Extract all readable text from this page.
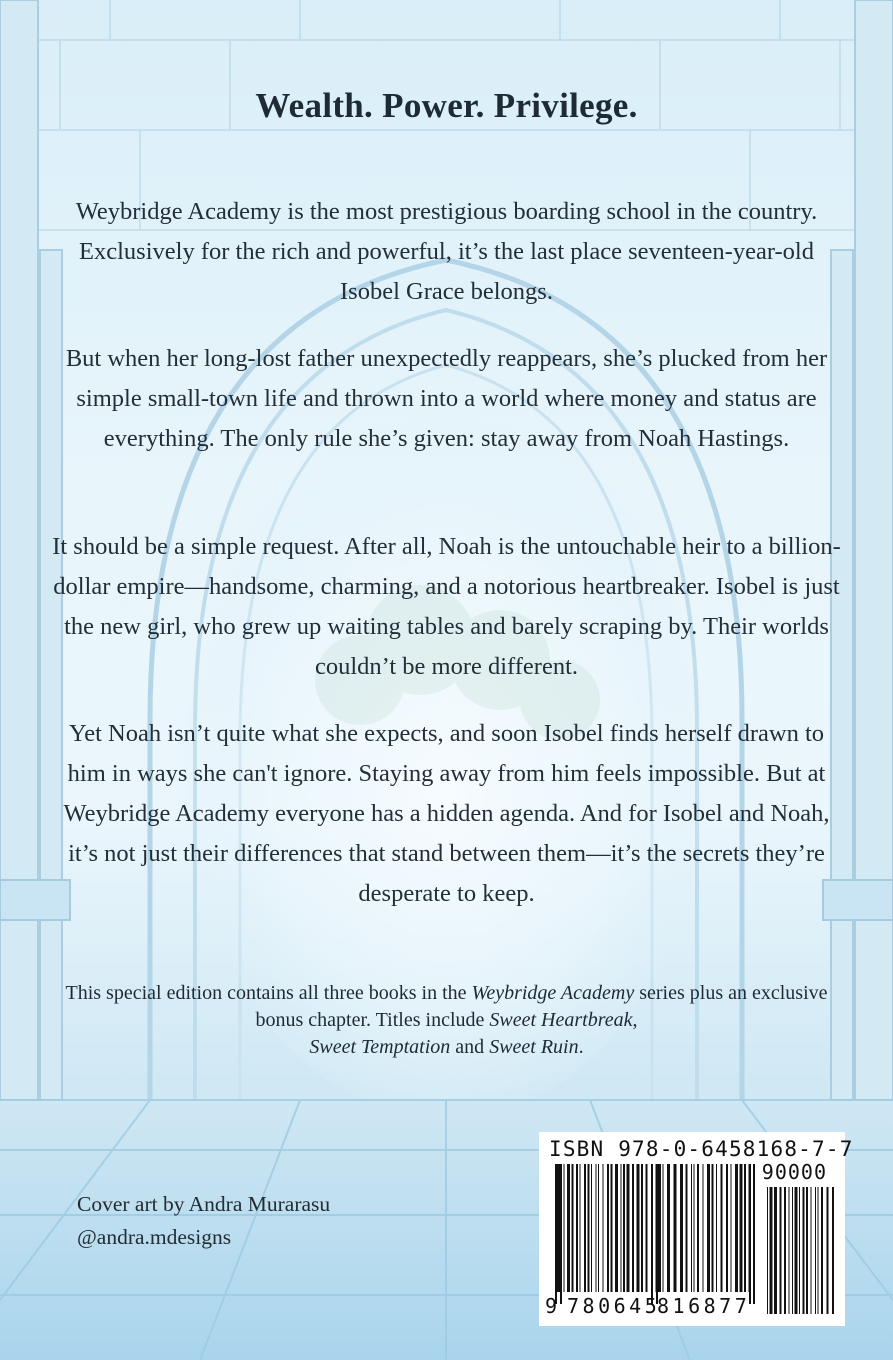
Wealth. Power. Privilege.

Weybridge Academy is the most prestigious boarding school in the country. Exclusively for the rich and powerful, it’s the last place seventeen-year-old Isobel Grace belongs.

But when her long-lost father unexpectedly reappears, she’s plucked from her simple small-town life and thrown into a world where money and status are everything. The only rule she’s given: stay away from Noah Hastings.

It should be a simple request. After all, Noah is the untouchable heir to a billion-dollar empire—handsome, charming, and a notorious heartbreaker. Isobel is just the new girl, who grew up waiting tables and barely scraping by. Their worlds couldn’t be more different.

Yet Noah isn’t quite what she expects, and soon Isobel finds herself drawn to him in ways she can't ignore. Staying away from him feels impossible. But at Weybridge Academy everyone has a hidden agenda. And for Isobel and Noah, it’s not just their differences that stand between them—it’s the secrets they’re desperate to keep.

This special edition contains all three books in the Weybridge Academy series plus an exclusive bonus chapter. Titles include Sweet Heartbreak,
Sweet Temptation and Sweet Ruin.

Cover art by Andra Murarasu
@andra.mdesigns
ISBN 978-0-6458168-7-7
90000
9 780645
816877
